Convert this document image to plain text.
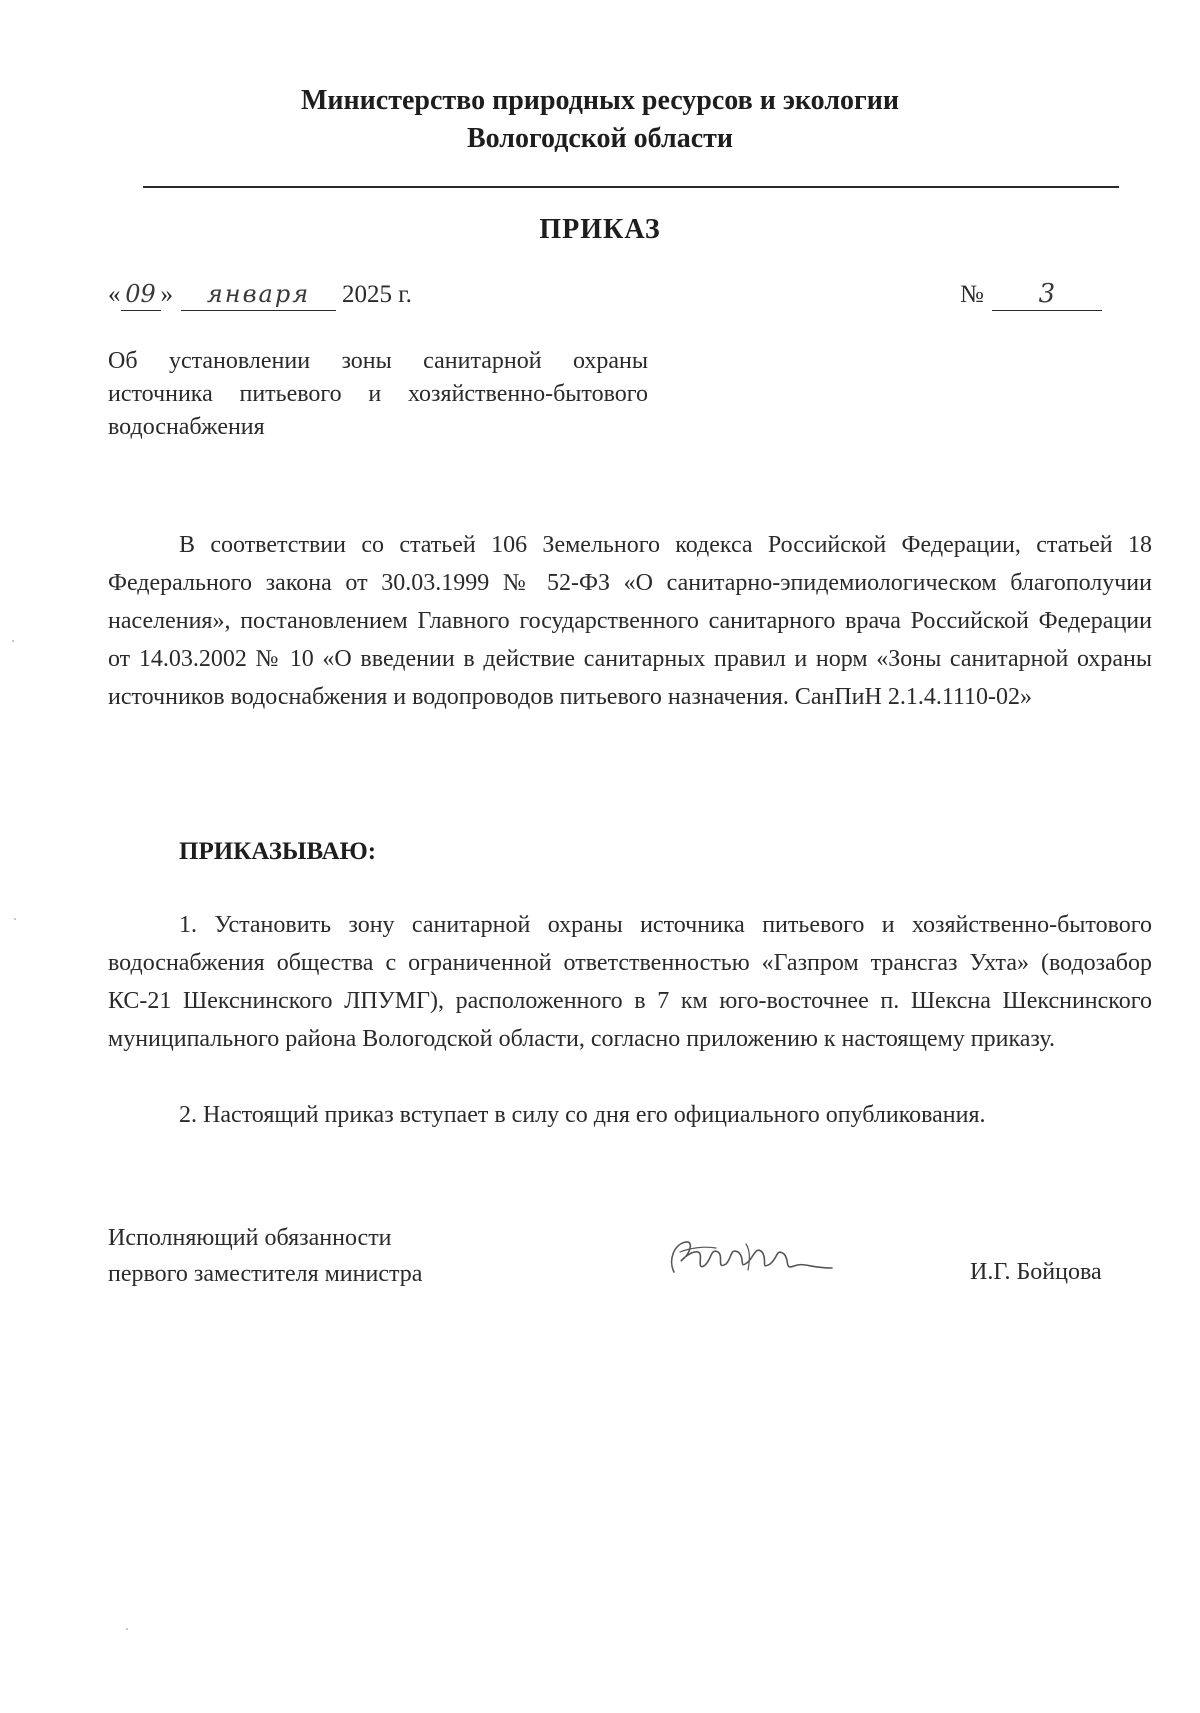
Министерство природных ресурсов и экологии
Вологодской области
ПРИКАЗ
« 09 » января 2025 г.	№ 3
Об установлении зоны санитарной охраны источника питьевого и хозяйственно-бытового водоснабжения
В соответствии со статьей 106 Земельного кодекса Российской Федерации, статьей 18 Федерального закона от 30.03.1999 № 52-ФЗ «О санитарно-эпидемиологическом благополучии населения», постановлением Главного государственного санитарного врача Российской Федерации от 14.03.2002 № 10 «О введении в действие санитарных правил и норм «Зоны санитарной охраны источников водоснабжения и водопроводов питьевого назначения. СанПиН 2.1.4.1110-02»
ПРИКАЗЫВАЮ:
1. Установить зону санитарной охраны источника питьевого и хозяйственно-бытового водоснабжения общества с ограниченной ответственностью «Газпром трансгаз Ухта» (водозабор КС-21 Шекснинского ЛПУМГ), расположенного в 7 км юго-восточнее п. Шексна Шекснинского муниципального района Вологодской области, согласно приложению к настоящему приказу.
2. Настоящий приказ вступает в силу со дня его официального опубликования.
Исполняющий обязанности
первого заместителя министра	И.Г. Бойцова
